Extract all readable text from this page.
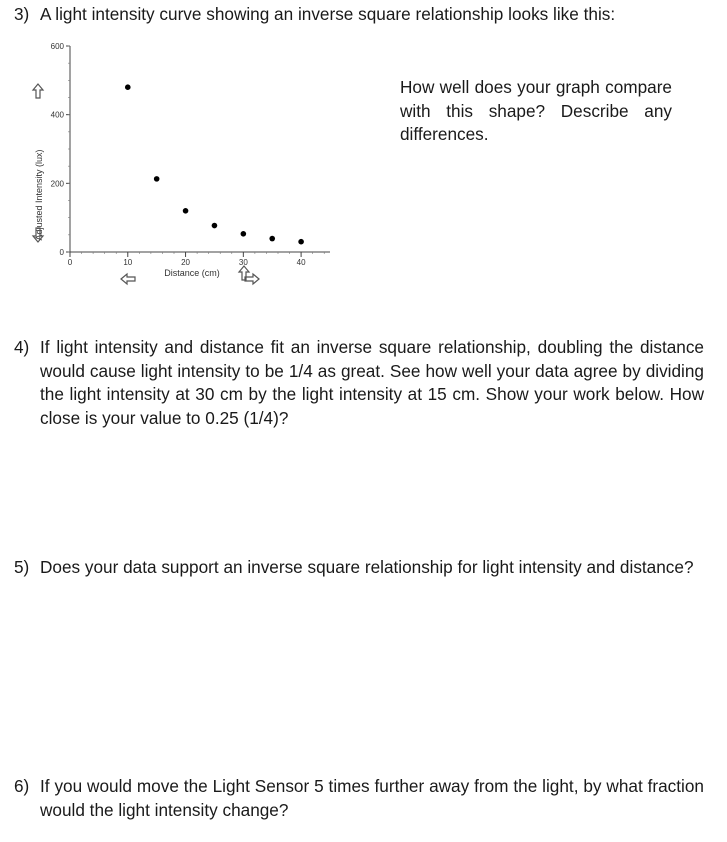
3) A light intensity curve showing an inverse square relationship looks like this:
0
200
400
600
0	10	20	30	40
Adjusted Intensity (lux)
Distance (cm)
How well does your graph compare with this shape? Describe any differences.
4) If light intensity and distance fit an inverse square relationship, doubling the distance would cause light intensity to be 1/4 as great. See how well your data agree by dividing the light intensity at 30 cm by the light intensity at 15 cm. Show your work below. How close is your value to 0.25 (1/4)?
5) Does your data support an inverse square relationship for light intensity and distance?
6) If you would move the Light Sensor 5 times further away from the light, by what fraction would the light intensity change?
